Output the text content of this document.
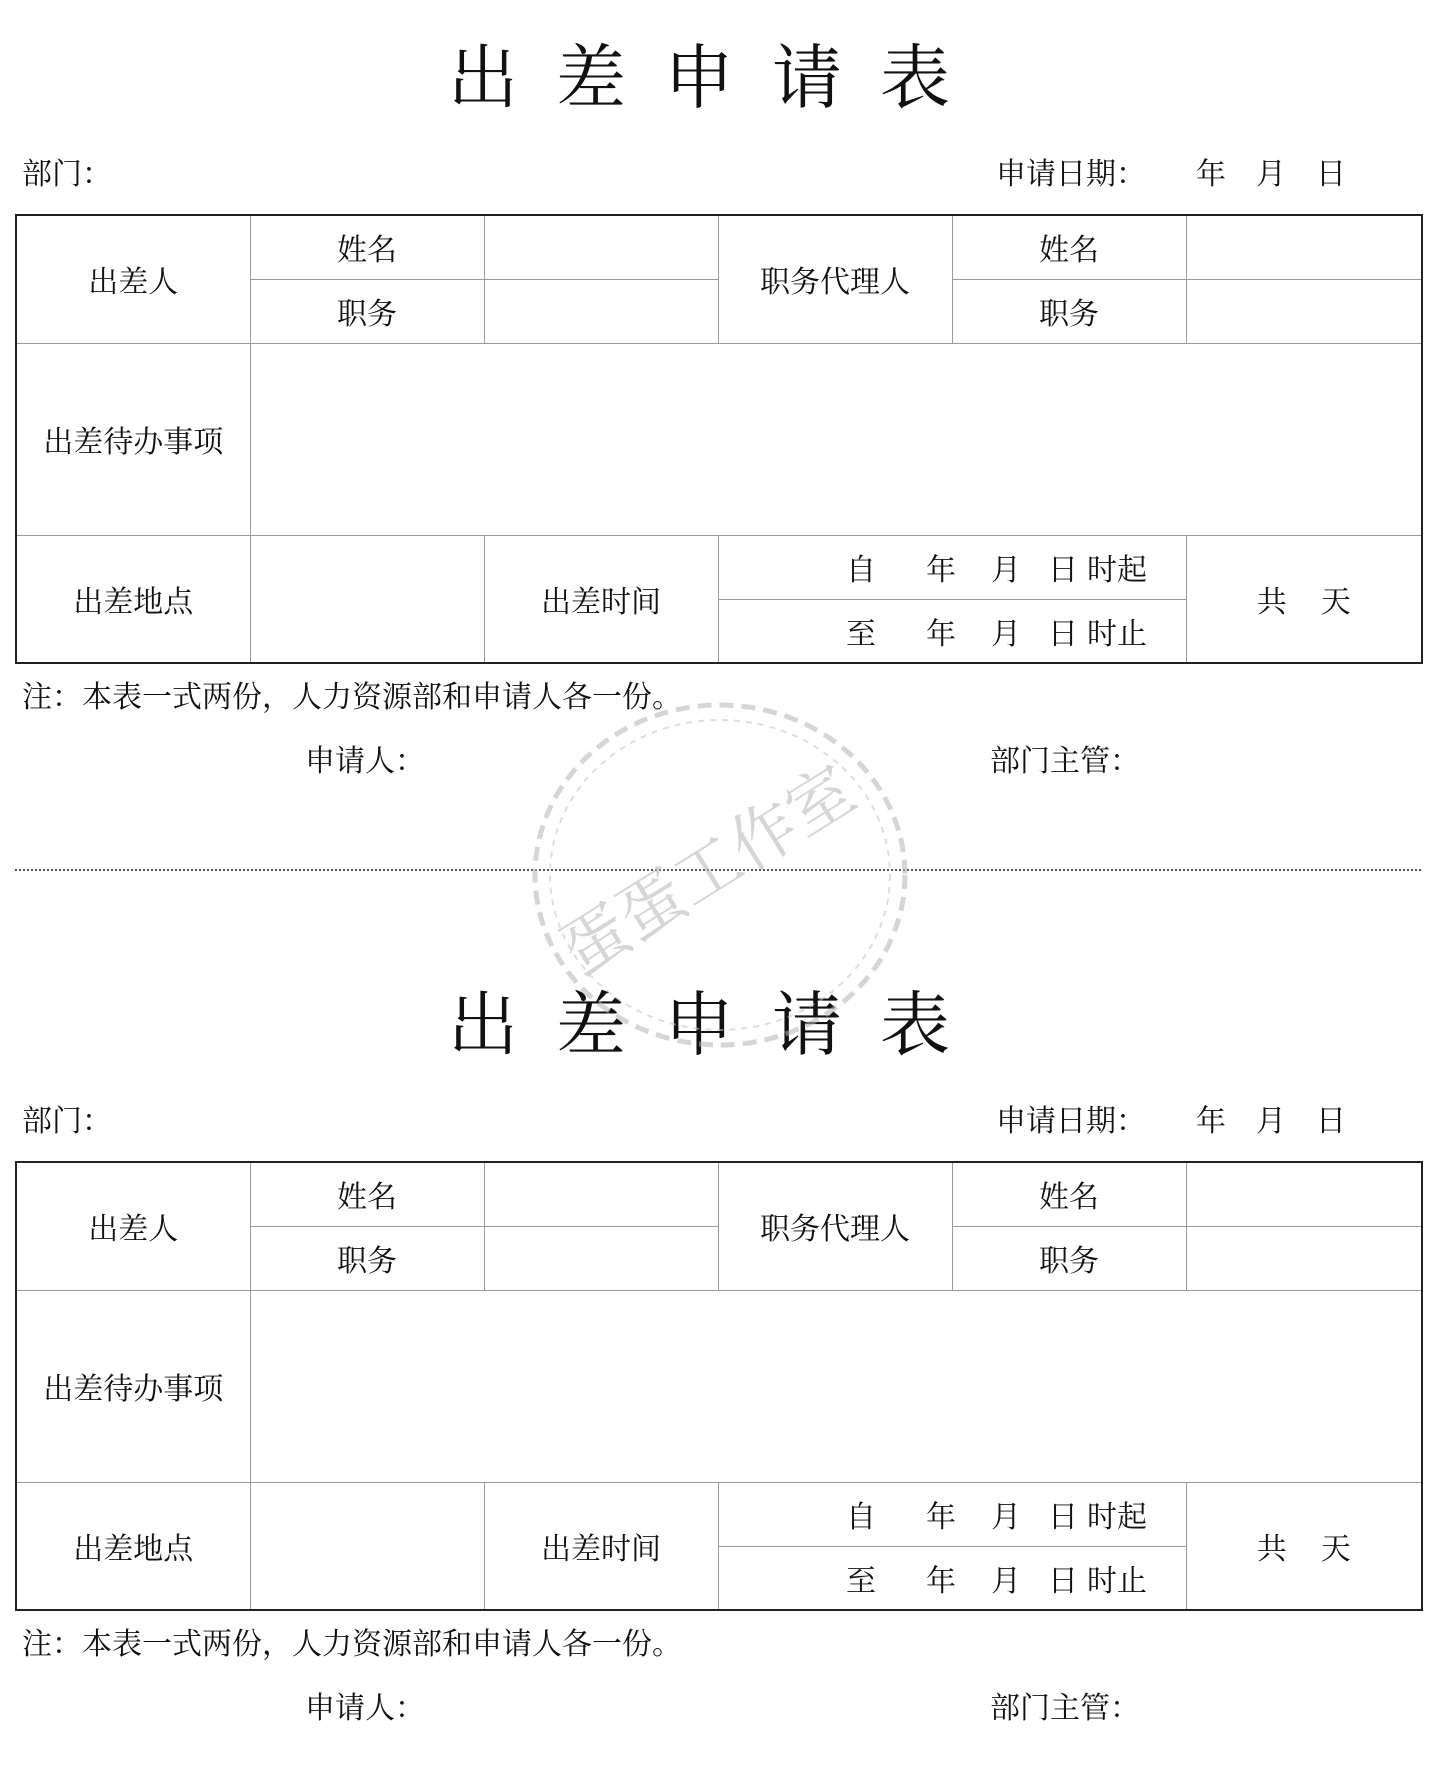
出差申请表
部门：	申请日期： 年 月 日
出差人	姓名		职务代理人	姓名	
	职务			职务	
出差待办事项					
出差地点		出差时间	自 年 月 日 时起		共 天
			至 年 月 日 时止		
注：本表一式两份，人力资源部和申请人各一份。
申请人：	部门主管：
出差申请表
部门：	申请日期： 年 月 日
出差人	姓名		职务代理人	姓名	
	职务			职务	
出差待办事项					
出差地点		出差时间	自 年 月 日 时起		共 天
			至 年 月 日 时止		
注：本表一式两份，人力资源部和申请人各一份。
申请人：	部门主管：
蛋蛋工作室
